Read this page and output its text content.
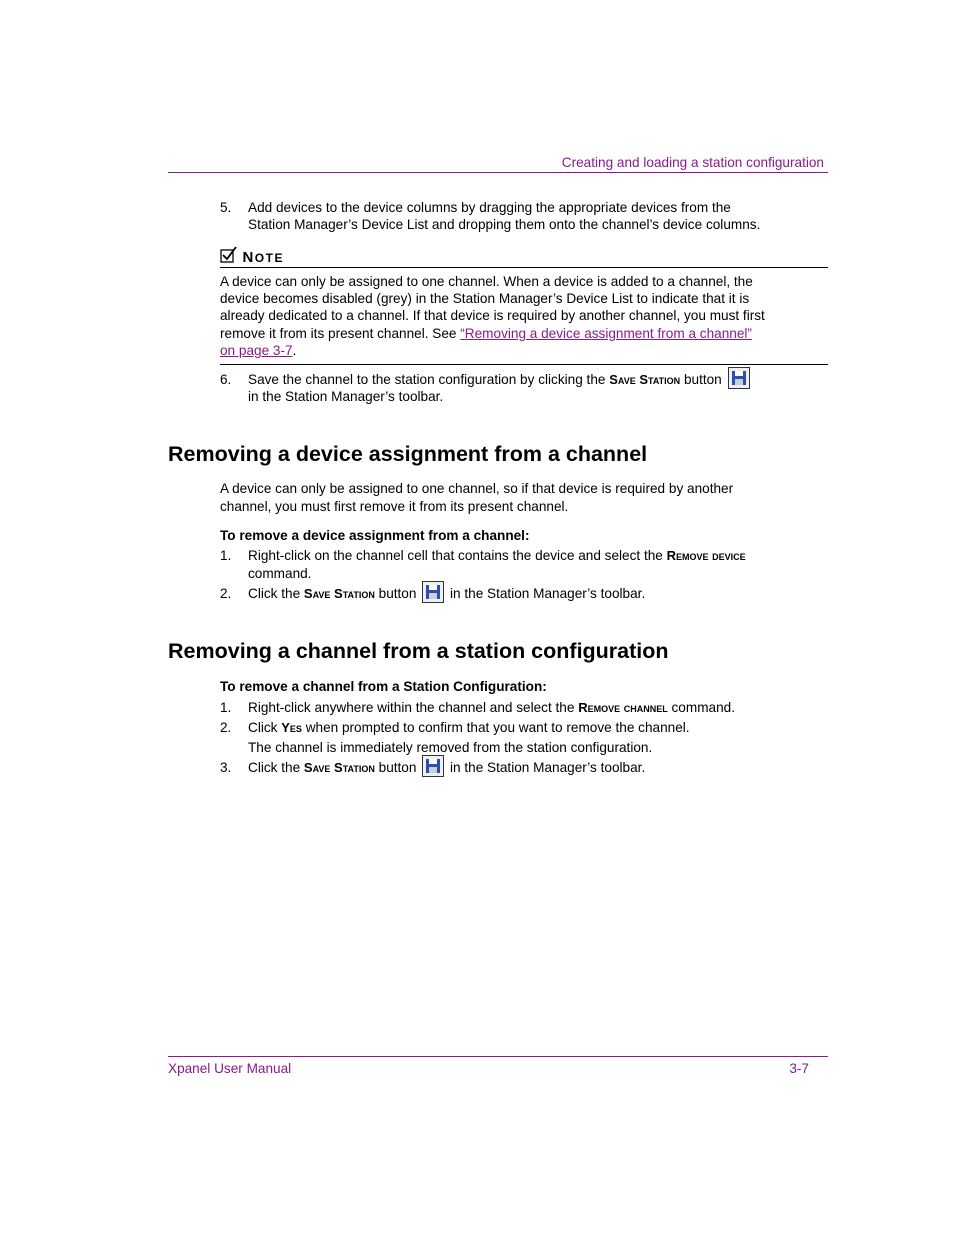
Creating and loading a station configuration
5. Add devices to the device columns by dragging the appropriate devices from the
Station Manager’s Device List and dropping them onto the channel’s device columns.
NOTE
A device can only be assigned to one channel. When a device is added to a channel, the
device becomes disabled (grey) in the Station Manager’s Device List to indicate that it is
already dedicated to a channel. If that device is required by another channel, you must first
remove it from its present channel. See “Removing a device assignment from a channel”
on page 3-7.
6. Save the channel to the station configuration by clicking the Save Station button
in the Station Manager’s toolbar.
Removing a device assignment from a channel
A device can only be assigned to one channel, so if that device is required by another
channel, you must first remove it from its present channel.
To remove a device assignment from a channel:
1. Right-click on the channel cell that contains the device and select the Remove device
command.
2. Click the Save Station button in the Station Manager’s toolbar.
Removing a channel from a station configuration
To remove a channel from a Station Configuration:
1. Right-click anywhere within the channel and select the Remove channel command.
2. Click Yes when prompted to confirm that you want to remove the channel.
The channel is immediately removed from the station configuration.
3. Click the Save Station button in the Station Manager’s toolbar.
Xpanel User Manual	3-7
